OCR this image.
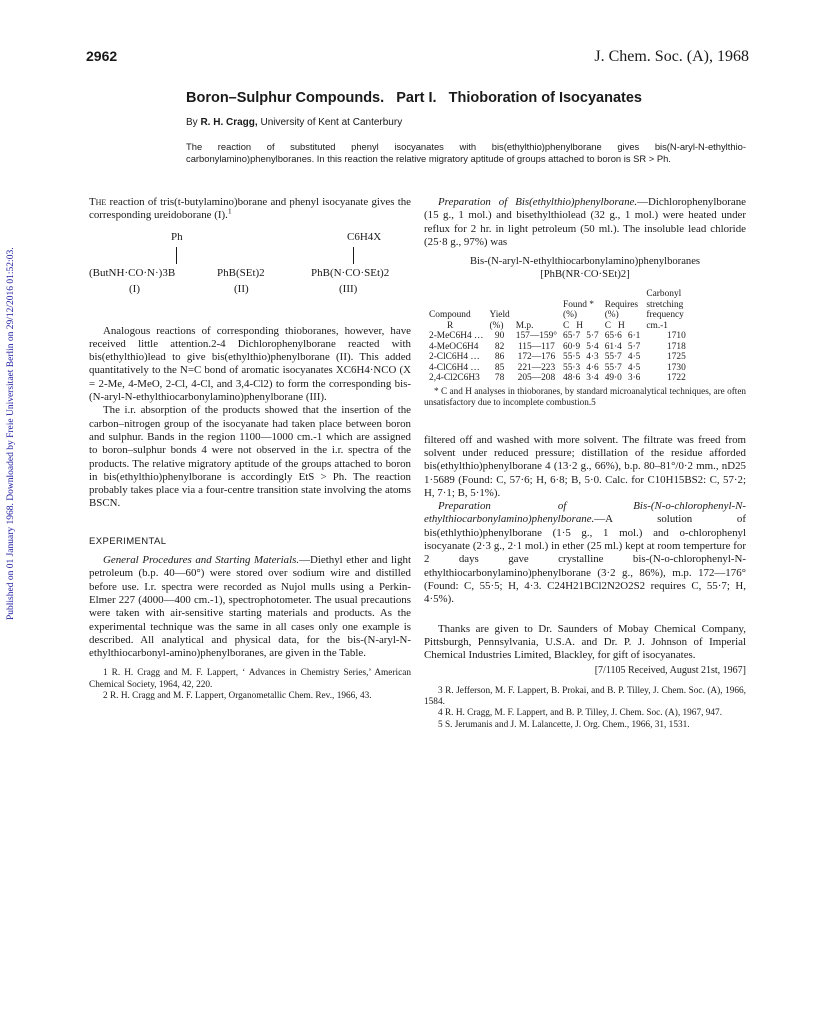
Published on 01 January 1968. Downloaded by Freie Universitaet Berlin on 29/12/2016 01:52:03.
2962	J. Chem. Soc. (A), 1968
Boron–Sulphur Compounds.   Part I.   Thioboration of Isocyanates
By R. H. Cragg, University of Kent at Canterbury
The reaction of substituted phenyl isocyanates with bis(ethylthio)phenylborane gives bis(N-aryl-N-ethylthio-carbonylamino)phenylboranes. In this reaction the relative migratory aptitude of groups attached to boron is SR > Ph.

The reaction of tris(t-butylamino)borane and phenyl isocyanate gives the corresponding ureidoborane (I).$^1$

Ph	C6H4X
(ButNH·CO·N·)3B	PhB(SEt)2	PhB(N·CO·SEt)2
(I)	(II)	(III)

Analogous reactions of corresponding thioboranes, however, have received little attention.2-4 Dichlorophenylborane reacted with bis(ethylthio)lead to give bis(ethylthio)phenylborane (II). This added quantitatively to the N=C bond of aromatic isocyanates XC6H4·NCO (X = 2-Me, 4-MeO, 2-Cl, 4-Cl, and 3,4-Cl2) to form the corresponding bis-(N-aryl-N-ethylthiocarbonylamino)phenylborane (III).

The i.r. absorption of the products showed that the insertion of the carbon–nitrogen group of the isocyanate had taken place between boron and sulphur. Bands in the region 1100—1000 cm.-1 which are assigned to boron–sulphur bonds 4 were not observed in the i.r. spectra of the products. The relative migratory aptitude of the groups attached to boron in bis(ethylthio)phenylborane is accordingly EtS > Ph. The reaction probably takes place via a four-centre transition state involving the atoms BSCN.

EXPERIMENTAL

General Procedures and Starting Materials.—Diethyl ether and light petroleum (b.p. 40—60°) were stored over sodium wire and distilled before use. I.r. spectra were recorded as Nujol mulls using a Perkin-Elmer 227 (4000—400 cm.-1), spectrophotometer. The usual precautions were taken with air-sensitive starting materials and products. As the experimental technique was the same in all cases only one example is described. All analytical and physical data, for the bis-(N-aryl-N-ethylthiocarbonyl-amino)phenylboranes, are given in the Table.

1 R. H. Cragg and M. F. Lappert, ‘ Advances in Chemistry Series,’ American Chemical Society, 1964, 42, 220.

2 R. H. Cragg and M. F. Lappert, Organometallic Chem. Rev., 1966, 43.

Preparation of Bis(ethylthio)phenylborane.—Dichlorophenylborane (15 g., 1 mol.) and bisethylthiolead (32 g., 1 mol.) were heated under reflux for 2 hr. in light petroleum (50 ml.). The insoluble lead chloride (25·8 g., 97%) was

Bis-(N-aryl-N-ethylthiocarbonylamino)phenylboranes
[PhB(NR·CO·SEt)2]
Compound
R	Yield
(%)	M.p.	Found *
(%)
C H		Requires
(%)
C H		Carbonyl stretching frequency
cm.-1
2-MeC6H4 …	90	157—159°	65·7	5·7	65·6	6·1	1710
4-MeOC6H4	82	115—117	60·9	5·4	61·4	5·7	1718
2-ClC6H4 …	86	172—176	55·5	4·3	55·7	4·5	1725
4-ClC6H4 …	85	221—223	55·3	4·6	55·7	4·5	1730
2,4-Cl2C6H3	78	205—208	48·6	3·4	49·0	3·6	1722

* C and H analyses in thioboranes, by standard microanalytical techniques, are often unsatisfactory due to incomplete combustion.5

filtered off and washed with more solvent. The filtrate was freed from solvent under reduced pressure; distillation of the residue afforded bis(ethylthio)phenylborane 4 (13·2 g., 66%), b.p. 80–81°/0·2 mm., nD25 1·5689 (Found: C, 57·6; H, 6·8; B, 5·0. Calc. for C10H15BS2: C, 57·2; H, 7·1; B, 5·1%).

Preparation of Bis-(N-o-chlorophenyl-N-ethylthiocarbonylamino)phenylborane.—A solution of bis(ethlythio)phenylborane (1·5 g., 1 mol.) and o-chlorophenyl isocyanate (2·3 g., 2·1 mol.) in ether (25 ml.) kept at room temperture for 2 days gave crystalline bis-(N-o-chlorophenyl-N-ethylthiocarbonylamino)phenylborane (3·2 g., 86%), m.p. 172—176° (Found: C, 55·5; H, 4·3. C24H21BCl2N2O2S2 requires C, 55·7; H, 4·5%).

Thanks are given to Dr. Saunders of Mobay Chemical Company, Pittsburgh, Pennsylvania, U.S.A. and Dr. P. J. Johnson of Imperial Chemical Industries Limited, Blackley, for gift of isocyanates.

[7/1105 Received, August 21st, 1967]

3 R. Jefferson, M. F. Lappert, B. Prokai, and B. P. Tilley, J. Chem. Soc. (A), 1966, 1584.

4 R. H. Cragg, M. F. Lappert, and B. P. Tilley, J. Chem. Soc. (A), 1967, 947.

5 S. Jerumanis and J. M. Lalancette, J. Org. Chem., 1966, 31, 1531.
